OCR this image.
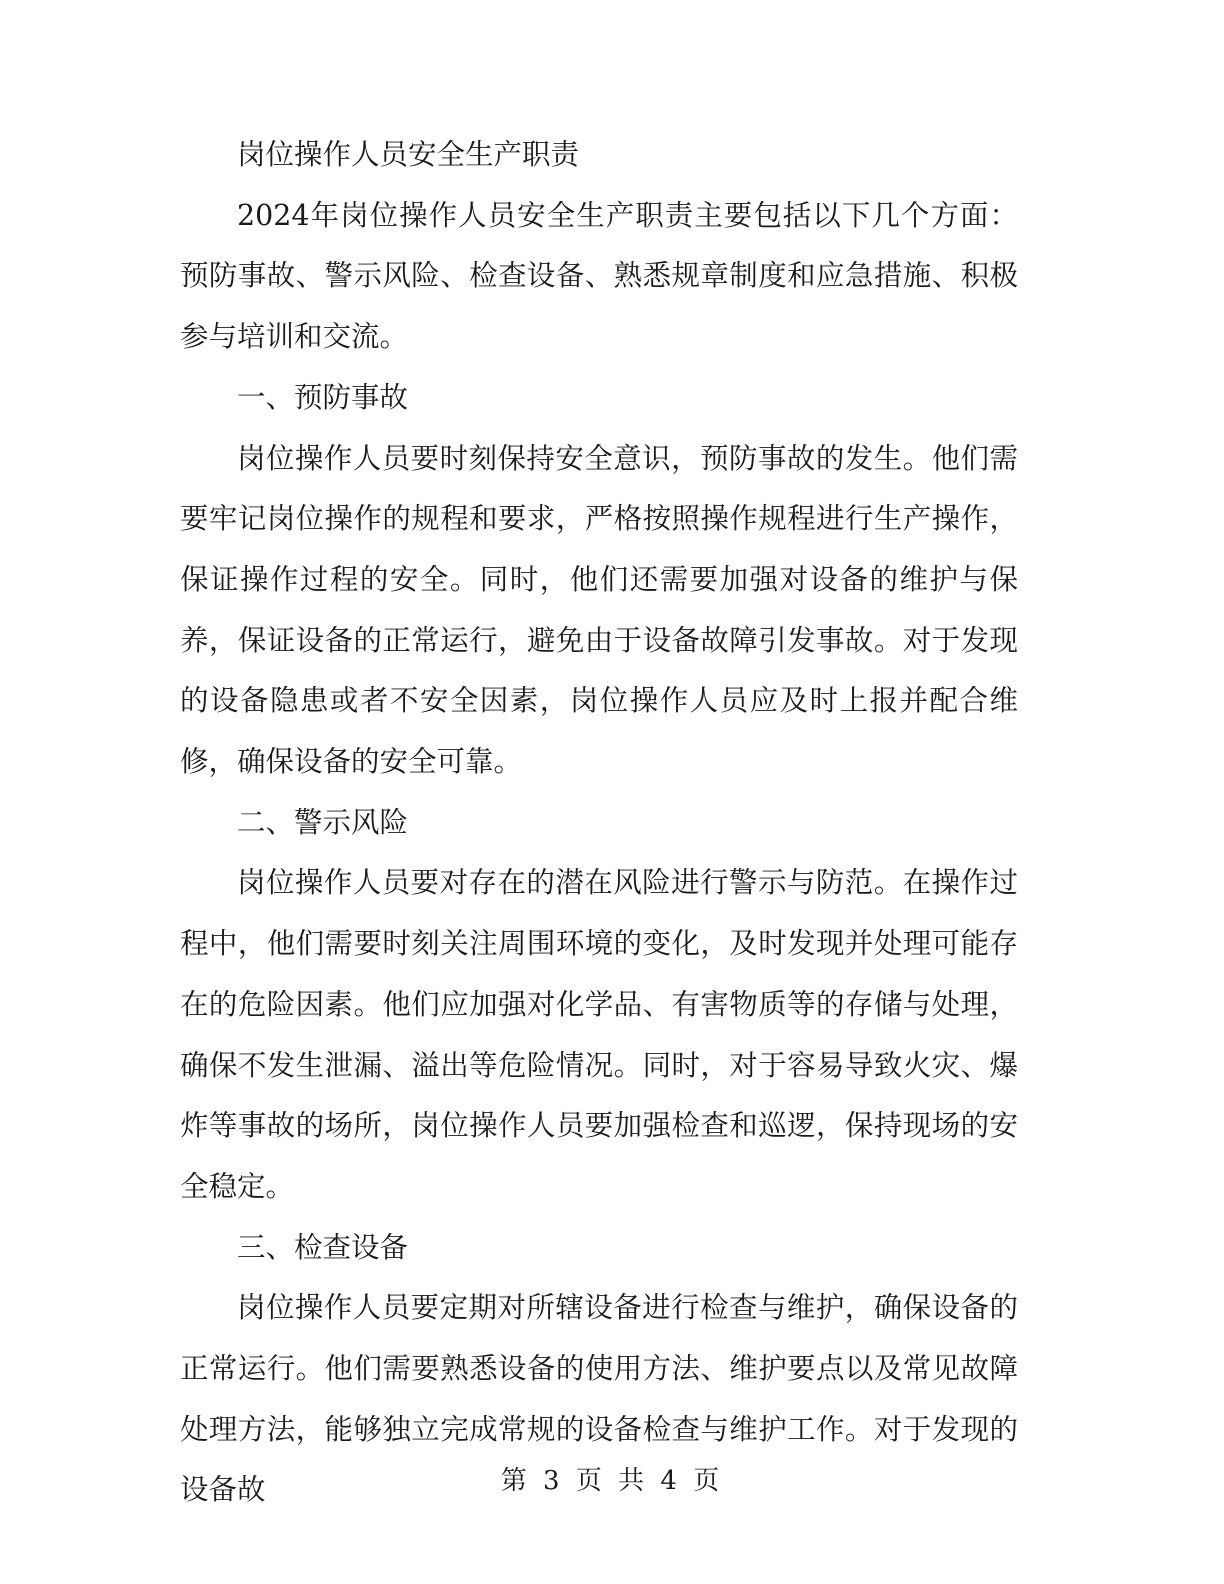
岗位操作人员安全生产职责

2024年岗位操作人员安全生产职责主要包括以下几个方面：预防事故、警示风险、检查设备、熟悉规章制度和应急措施、积极参与培训和交流。

一、预防事故

岗位操作人员要时刻保持安全意识，预防事故的发生。他们需要牢记岗位操作的规程和要求，严格按照操作规程进行生产操作，保证操作过程的安全。同时，他们还需要加强对设备的维护与保养，保证设备的正常运行，避免由于设备故障引发事故。对于发现的设备隐患或者不安全因素，岗位操作人员应及时上报并配合维修，确保设备的安全可靠。

二、警示风险

岗位操作人员要对存在的潜在风险进行警示与防范。在操作过程中，他们需要时刻关注周围环境的变化，及时发现并处理可能存在的危险因素。他们应加强对化学品、有害物质等的存储与处理，确保不发生泄漏、溢出等危险情况。同时，对于容易导致火灾、爆炸等事故的场所，岗位操作人员要加强检查和巡逻，保持现场的安全稳定。

三、检查设备

岗位操作人员要定期对所辖设备进行检查与维护，确保设备的正常运行。他们需要熟悉设备的使用方法、维护要点以及常见故障处理方法，能够独立完成常规的设备检查与维护工作。对于发现的设备故	第 3 页 共 4 页
